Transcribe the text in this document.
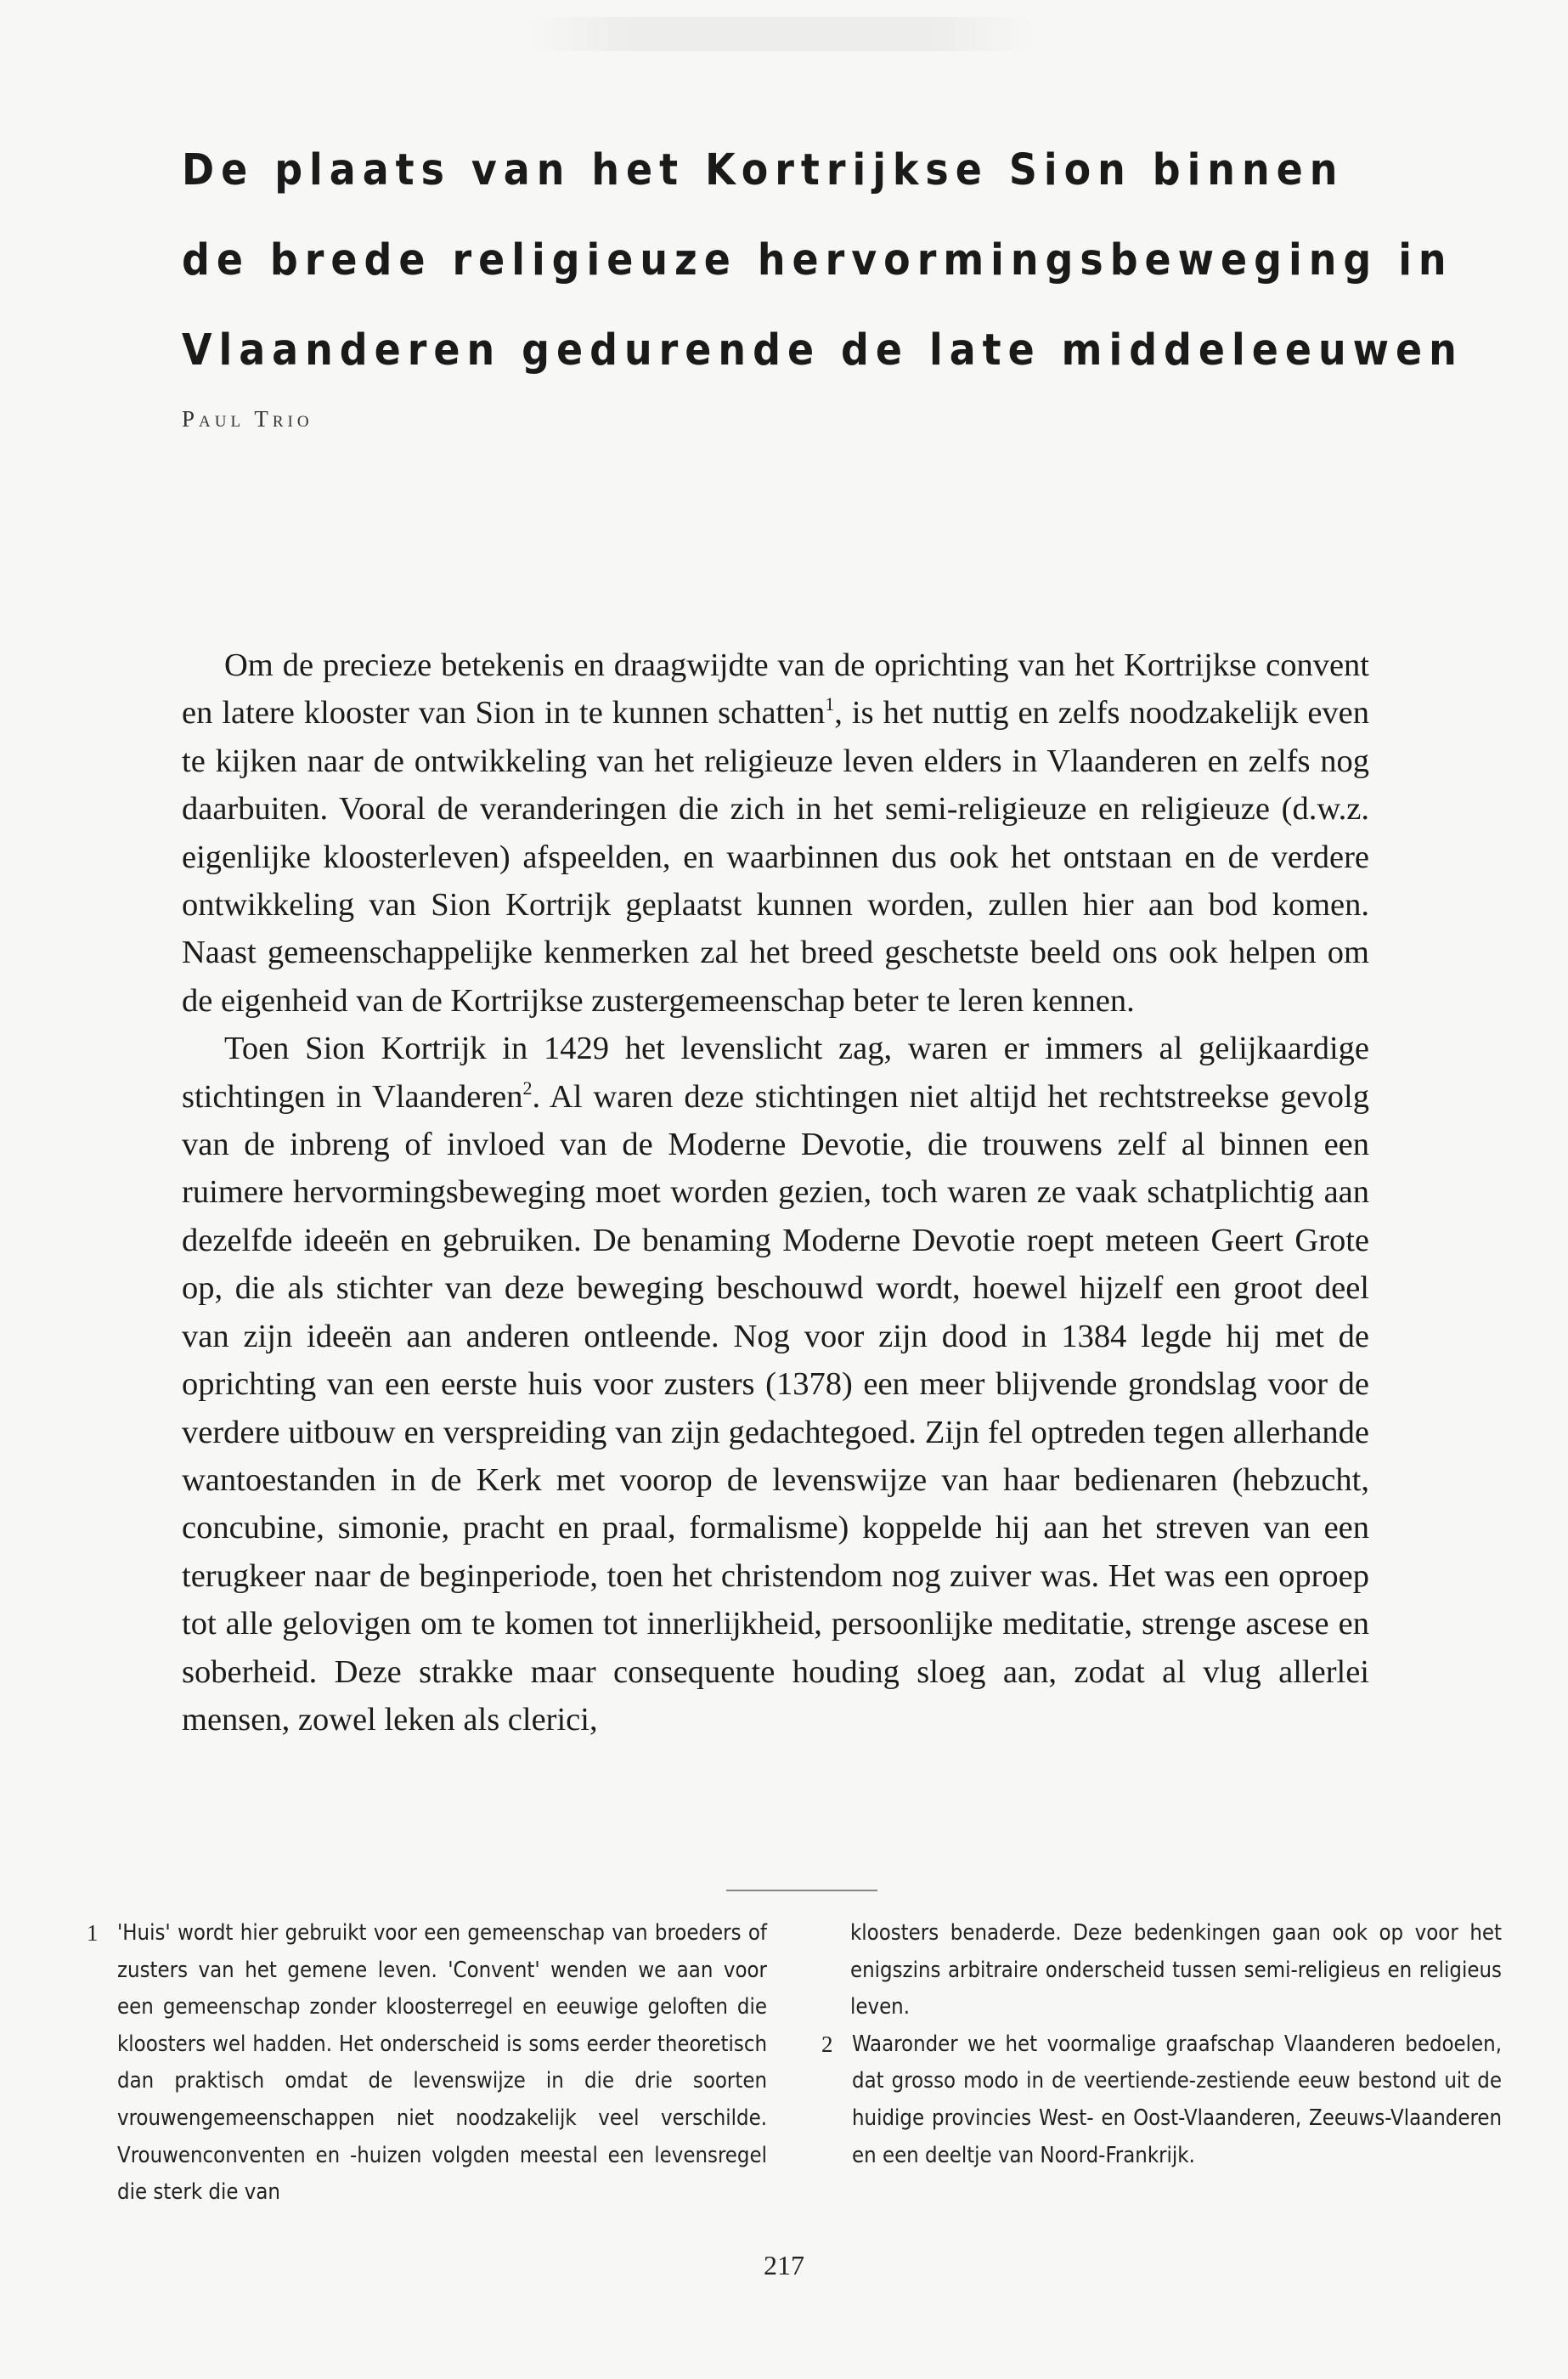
De plaats van het Kortrijkse Sion binnen
de brede religieuze hervormingsbeweging in
Vlaanderen gedurende de late middeleeuwen
Paul Trio

Om de precieze betekenis en draagwijdte van de oprichting van het Kortrijkse convent en latere klooster van Sion in te kunnen schatten$^1$, is het nuttig en zelfs noodzakelijk even te kijken naar de ontwikkeling van het religieuze leven elders in Vlaanderen en zelfs nog daarbuiten. Vooral de veranderingen die zich in het semi-religieuze en religieuze (d.w.z. eigenlijke kloosterleven) afspeelden, en waarbinnen dus ook het ontstaan en de verdere ontwikkeling van Sion Kortrijk geplaatst kunnen worden, zullen hier aan bod komen. Naast gemeenschappelijke kenmerken zal het breed geschetste beeld ons ook helpen om de eigenheid van de Kortrijkse zustergemeenschap beter te leren kennen.

Toen Sion Kortrijk in 1429 het levenslicht zag, waren er immers al gelijkaardige stichtingen in Vlaanderen$^2$. Al waren deze stichtingen niet altijd het rechtstreekse gevolg van de inbreng of invloed van de Moderne Devotie, die trouwens zelf al binnen een ruimere hervormingsbeweging moet worden gezien, toch waren ze vaak schatplichtig aan dezelfde ideeën en gebruiken. De benaming Moderne Devotie roept meteen Geert Grote op, die als stichter van deze beweging beschouwd wordt, hoewel hijzelf een groot deel van zijn ideeën aan anderen ontleende. Nog voor zijn dood in 1384 legde hij met de oprichting van een eerste huis voor zusters (1378) een meer blijvende grondslag voor de verdere uitbouw en verspreiding van zijn gedachtegoed. Zijn fel optreden tegen allerhande wantoestanden in de Kerk met voorop de levenswijze van haar bedienaren (hebzucht, concubine, simonie, pracht en praal, formalisme) koppelde hij aan het streven van een terugkeer naar de beginperiode, toen het christendom nog zuiver was. Het was een oproep tot alle gelovigen om te komen tot innerlijkheid, persoonlijke meditatie, strenge ascese en soberheid. Deze strakke maar consequente houding sloeg aan, zodat al vlug allerlei mensen, zowel leken als clerici,

1 'Huis' wordt hier gebruikt voor een gemeenschap van broeders of zusters van het gemene leven. 'Convent' wenden we aan voor een gemeenschap zonder kloosterregel en eeuwige geloften die kloosters wel hadden. Het onderscheid is soms eerder theoretisch dan praktisch omdat de levenswijze in die drie soorten vrouwengemeenschappen niet noodzakelijk veel verschilde. Vrouwenconventen en -huizen volgden meestal een levensregel die sterk die van
kloosters benaderde. Deze bedenkingen gaan ook op voor het enigszins arbitraire onderscheid tussen semi-religieus en religieus leven.
2 Waaronder we het voormalige graafschap Vlaanderen bedoelen, dat grosso modo in de veertiende-zestiende eeuw bestond uit de huidige provincies West- en Oost-Vlaanderen, Zeeuws-Vlaanderen en een deeltje van Noord-Frankrijk.
217
